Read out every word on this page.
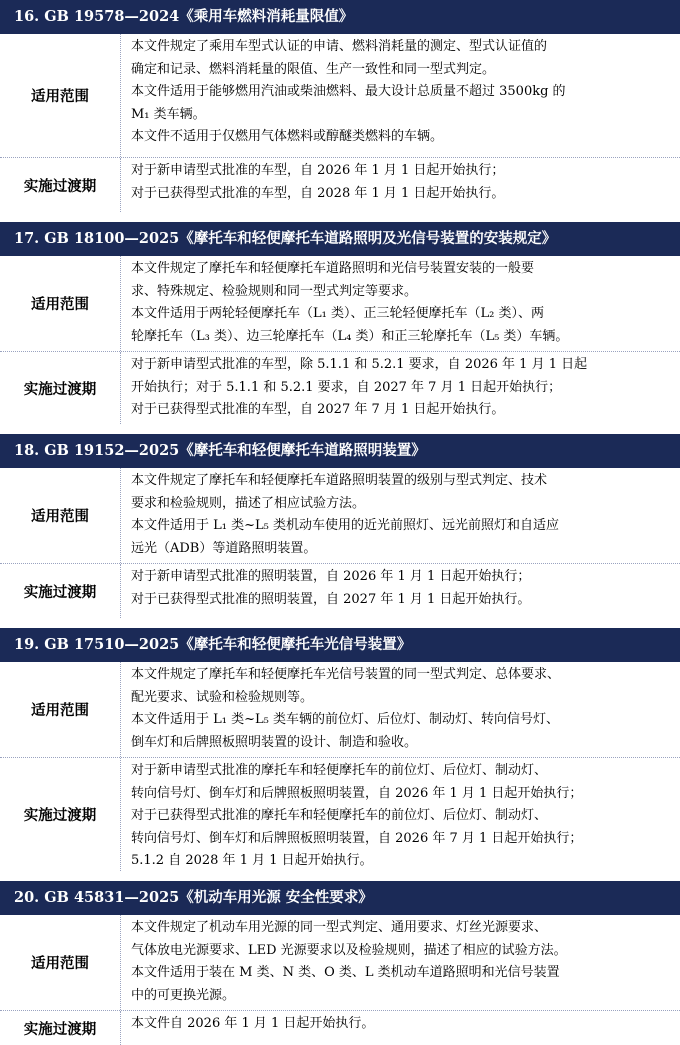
16. GB 19578—2024《乘用车燃料消耗量限值》
适用范围

本文件规定了乘用车型式认证的申请、燃料消耗量的测定、型式认证值的

确定和记录、燃料消耗量的限值、生产一致性和同一型式判定。

本文件适用于能够燃用汽油或柴油燃料、最大设计总质量不超过 3500kg 的

M₁ 类车辆。

本文件不适用于仅燃用气体燃料或醇醚类燃料的车辆。

实施过渡期

对于新申请型式批准的车型，自 2026 年 1 月 1 日起开始执行；

对于已获得型式批准的车型，自 2028 年 1 月 1 日起开始执行。

17. GB 18100—2025《摩托车和轻便摩托车道路照明及光信号装置的安装规定》
适用范围

本文件规定了摩托车和轻便摩托车道路照明和光信号装置安装的一般要

求、特殊规定、检验规则和同一型式判定等要求。

本文件适用于两轮轻便摩托车（L₁ 类）、正三轮轻便摩托车（L₂ 类）、两

轮摩托车（L₃ 类）、边三轮摩托车（L₄ 类）和正三轮摩托车（L₅ 类）车辆。

实施过渡期

对于新申请型式批准的车型，除 5.1.1 和 5.2.1 要求，自 2026 年 1 月 1 日起

开始执行；对于 5.1.1 和 5.2.1 要求，自 2027 年 7 月 1 日起开始执行；

对于已获得型式批准的车型，自 2027 年 7 月 1 日起开始执行。

18. GB 19152—2025《摩托车和轻便摩托车道路照明装置》
适用范围

本文件规定了摩托车和轻便摩托车道路照明装置的级别与型式判定、技术

要求和检验规则，描述了相应试验方法。

本文件适用于 L₁ 类~L₅ 类机动车使用的近光前照灯、远光前照灯和自适应

远光（ADB）等道路照明装置。

实施过渡期

对于新申请型式批准的照明装置，自 2026 年 1 月 1 日起开始执行；

对于已获得型式批准的照明装置，自 2027 年 1 月 1 日起开始执行。

19. GB 17510—2025《摩托车和轻便摩托车光信号装置》
适用范围

本文件规定了摩托车和轻便摩托车光信号装置的同一型式判定、总体要求、

配光要求、试验和检验规则等。

本文件适用于 L₁ 类~L₅ 类车辆的前位灯、后位灯、制动灯、转向信号灯、

倒车灯和后牌照板照明装置的设计、制造和验收。

实施过渡期

对于新申请型式批准的摩托车和轻便摩托车的前位灯、后位灯、制动灯、

转向信号灯、倒车灯和后牌照板照明装置，自 2026 年 1 月 1 日起开始执行；

对于已获得型式批准的摩托车和轻便摩托车的前位灯、后位灯、制动灯、

转向信号灯、倒车灯和后牌照板照明装置，自 2026 年 7 月 1 日起开始执行；

5.1.2 自 2028 年 1 月 1 日起开始执行。

20. GB 45831—2025《机动车用光源 安全性要求》
适用范围

本文件规定了机动车用光源的同一型式判定、通用要求、灯丝光源要求、

气体放电光源要求、LED 光源要求以及检验规则，描述了相应的试验方法。

本文件适用于装在 M 类、N 类、O 类、L 类机动车道路照明和光信号装置

中的可更换光源。

实施过渡期	本文件自 2026 年 1 月 1 日起开始执行。
